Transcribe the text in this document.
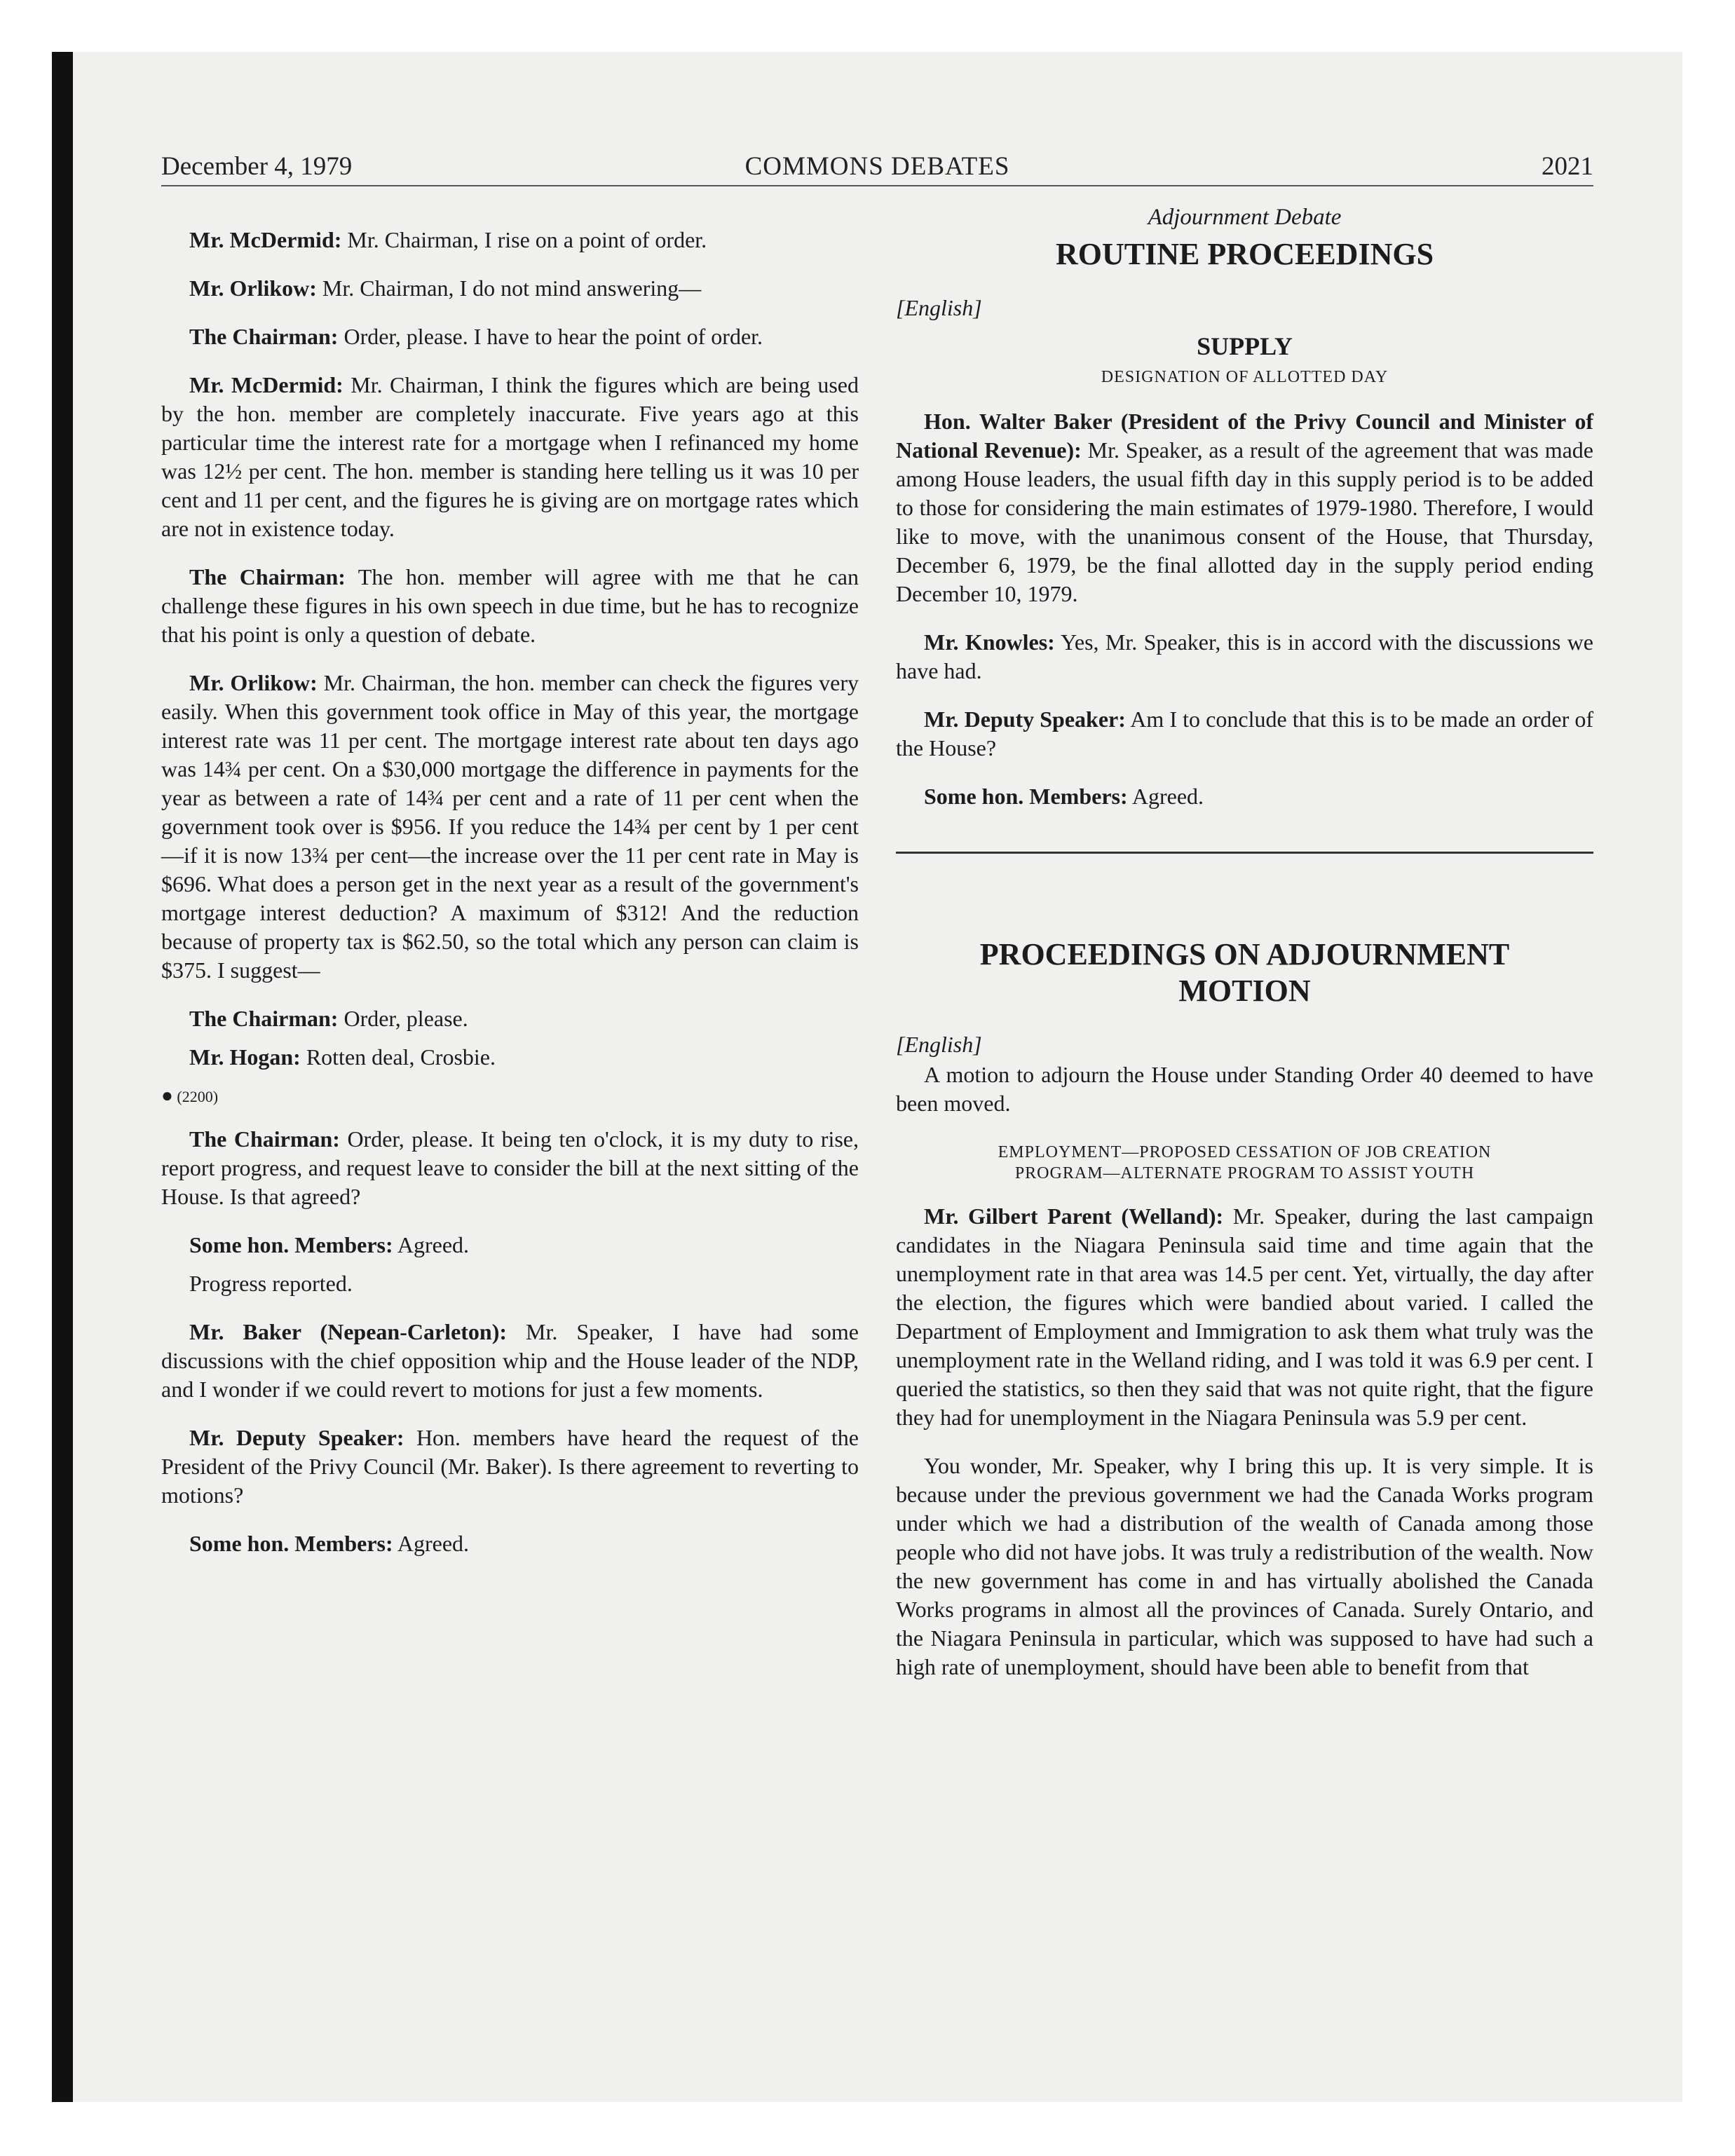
December 4, 1979	COMMONS DEBATES	2021

Mr. McDermid: Mr. Chairman, I rise on a point of order.

Mr. Orlikow: Mr. Chairman, I do not mind answering—

The Chairman: Order, please. I have to hear the point of order.

Mr. McDermid: Mr. Chairman, I think the figures which are being used by the hon. member are completely inaccurate. Five years ago at this particular time the interest rate for a mortgage when I refinanced my home was 12½ per cent. The hon. member is standing here telling us it was 10 per cent and 11 per cent, and the figures he is giving are on mortgage rates which are not in existence today.

The Chairman: The hon. member will agree with me that he can challenge these figures in his own speech in due time, but he has to recognize that his point is only a question of debate.

Mr. Orlikow: Mr. Chairman, the hon. member can check the figures very easily. When this government took office in May of this year, the mortgage interest rate was 11 per cent. The mortgage interest rate about ten days ago was 14¾ per cent. On a $30,000 mortgage the difference in payments for the year as between a rate of 14¾ per cent and a rate of 11 per cent when the government took over is $956. If you reduce the 14¾ per cent by 1 per cent—if it is now 13¾ per cent—the increase over the 11 per cent rate in May is $696. What does a person get in the next year as a result of the government's mortgage interest deduction? A maximum of $312! And the reduction because of property tax is $62.50, so the total which any person can claim is $375. I suggest—

The Chairman: Order, please.

Mr. Hogan: Rotten deal, Crosbie.

● (2200)

The Chairman: Order, please. It being ten o'clock, it is my duty to rise, report progress, and request leave to consider the bill at the next sitting of the House. Is that agreed?

Some hon. Members: Agreed.

Progress reported.

Mr. Baker (Nepean-Carleton): Mr. Speaker, I have had some discussions with the chief opposition whip and the House leader of the NDP, and I wonder if we could revert to motions for just a few moments.

Mr. Deputy Speaker: Hon. members have heard the request of the President of the Privy Council (Mr. Baker). Is there agreement to reverting to motions?

Some hon. Members: Agreed.

Adjournment Debate

ROUTINE PROCEEDINGS

[English]

SUPPLY

DESIGNATION OF ALLOTTED DAY

Hon. Walter Baker (President of the Privy Council and Minister of National Revenue): Mr. Speaker, as a result of the agreement that was made among House leaders, the usual fifth day in this supply period is to be added to those for considering the main estimates of 1979-1980. Therefore, I would like to move, with the unanimous consent of the House, that Thursday, December 6, 1979, be the final allotted day in the supply period ending December 10, 1979.

Mr. Knowles: Yes, Mr. Speaker, this is in accord with the discussions we have had.

Mr. Deputy Speaker: Am I to conclude that this is to be made an order of the House?

Some hon. Members: Agreed.

PROCEEDINGS ON ADJOURNMENT MOTION

[English]

A motion to adjourn the House under Standing Order 40 deemed to have been moved.

EMPLOYMENT—PROPOSED CESSATION OF JOB CREATION

PROGRAM—ALTERNATE PROGRAM TO ASSIST YOUTH

Mr. Gilbert Parent (Welland): Mr. Speaker, during the last campaign candidates in the Niagara Peninsula said time and time again that the unemployment rate in that area was 14.5 per cent. Yet, virtually, the day after the election, the figures which were bandied about varied. I called the Department of Employment and Immigration to ask them what truly was the unemployment rate in the Welland riding, and I was told it was 6.9 per cent. I queried the statistics, so then they said that was not quite right, that the figure they had for unemployment in the Niagara Peninsula was 5.9 per cent.

You wonder, Mr. Speaker, why I bring this up. It is very simple. It is because under the previous government we had the Canada Works program under which we had a distribution of the wealth of Canada among those people who did not have jobs. It was truly a redistribution of the wealth. Now the new government has come in and has virtually abolished the Canada Works programs in almost all the provinces of Canada. Surely Ontario, and the Niagara Peninsula in particular, which was supposed to have had such a high rate of unemployment, should have been able to benefit from that
